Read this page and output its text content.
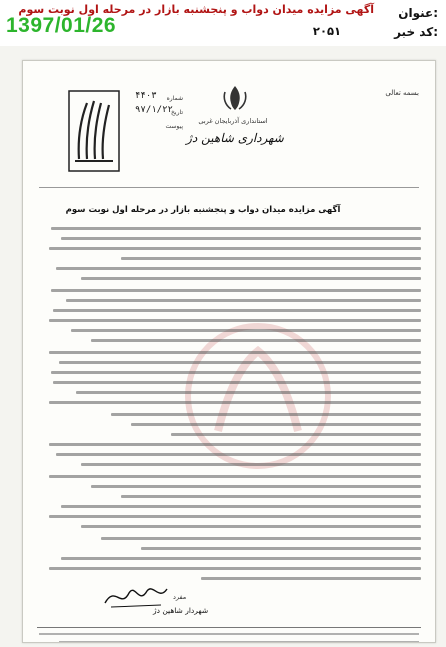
1397/01/26
آگهی مزایده میدان دواب و پنجشنبه بازار در مرحله اول نوبت سوم
۲۰۵۱
:عنوان
:کد خبر
بسمه تعالی
استانداری آذربایجان غربی
شهرداری شاهین دژ
شماره
۴۴۰۳
تاریخ
۹۷/۱/۲۲
پیوست
آگهی مزایده میدان دواب و پنجشنبه بازار در مرحله اول نوبت سوم
مفرد
شهردار شاهین دژ
